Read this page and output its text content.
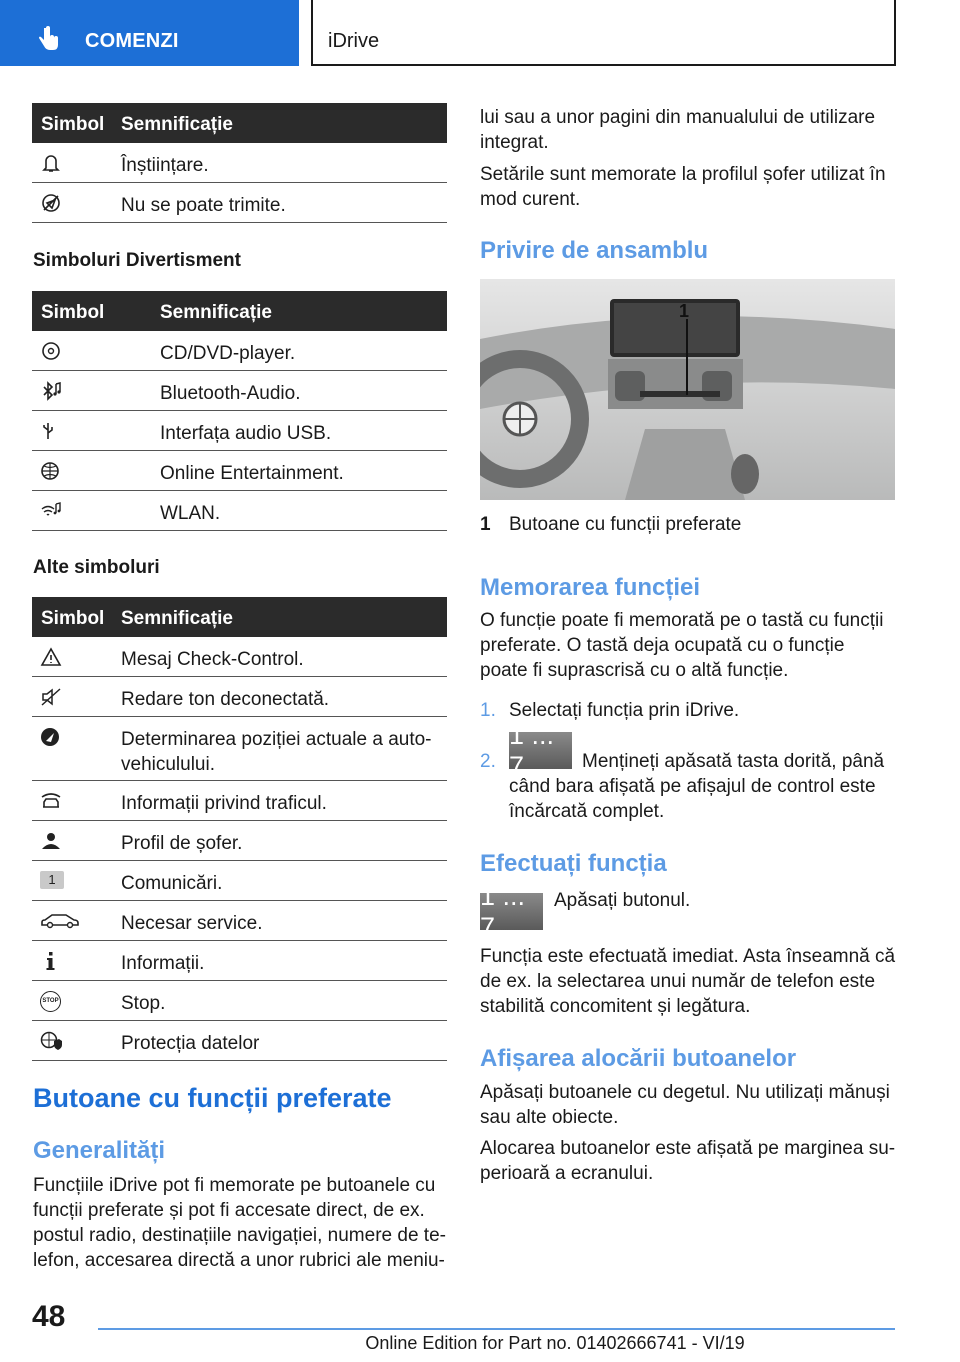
COMENZI	iDrive
Simbol Semnificație
Înștiințare.
Nu se poate trimite.
Simboluri Divertisment
Simbol	Semnificație
CD/DVD-player.
Bluetooth-Audio.
Interfața audio USB.
Online Entertainment.
WLAN.
Alte simboluri
Simbol Semnificație
Mesaj Check-Control.
Redare ton deconectată.
Determinarea poziției actuale a auto-
vehiculului.
Informații privind traficul.
Profil de șofer.
1	Comunicări.
Necesar service.
Informații.
STOP	Stop.
Protecția datelor
Butoane cu funcții preferate
Generalități
Funcțiile iDrive pot fi memorate pe butoanele cu
funcții preferate și pot fi accesate direct, de ex.
postul radio, destinațiile navigației, numere de te-
lefon, accesarea directă a unor rubrici ale meniu-
lui sau a unor pagini din manualului de utilizare
integrat.
Setările sunt memorate la profilul șofer utilizat în
mod curent.
Privire de ansamblu
1
1 Butoane cu funcții preferate
Memorarea funcției
O funcție poate fi memorată pe o tastă cu funcții
preferate. O tastă deja ocupată cu o funcție
poate fi suprascrisă cu o altă funcție.
1. Selectați funcția prin iDrive.
2.
1 ... 7	Mențineți apăsată tasta dorită, până
când bara afișată pe afișajul de control este
încărcată complet.
Efectuați funcția
1 ... 7
Apăsați butonul.
Funcția este efectuată imediat. Asta înseamnă că
de ex. la selectarea unui număr de telefon este
stabilită concomitent și legătura.
Afișarea alocării butoanelor
Apăsați butoanele cu degetul. Nu utilizați mănuși
sau alte obiecte.
Alocarea butoanelor este afișată pe marginea su-
perioară a ecranului.
48
Online Edition for Part no. 01402666741 - VI/19
